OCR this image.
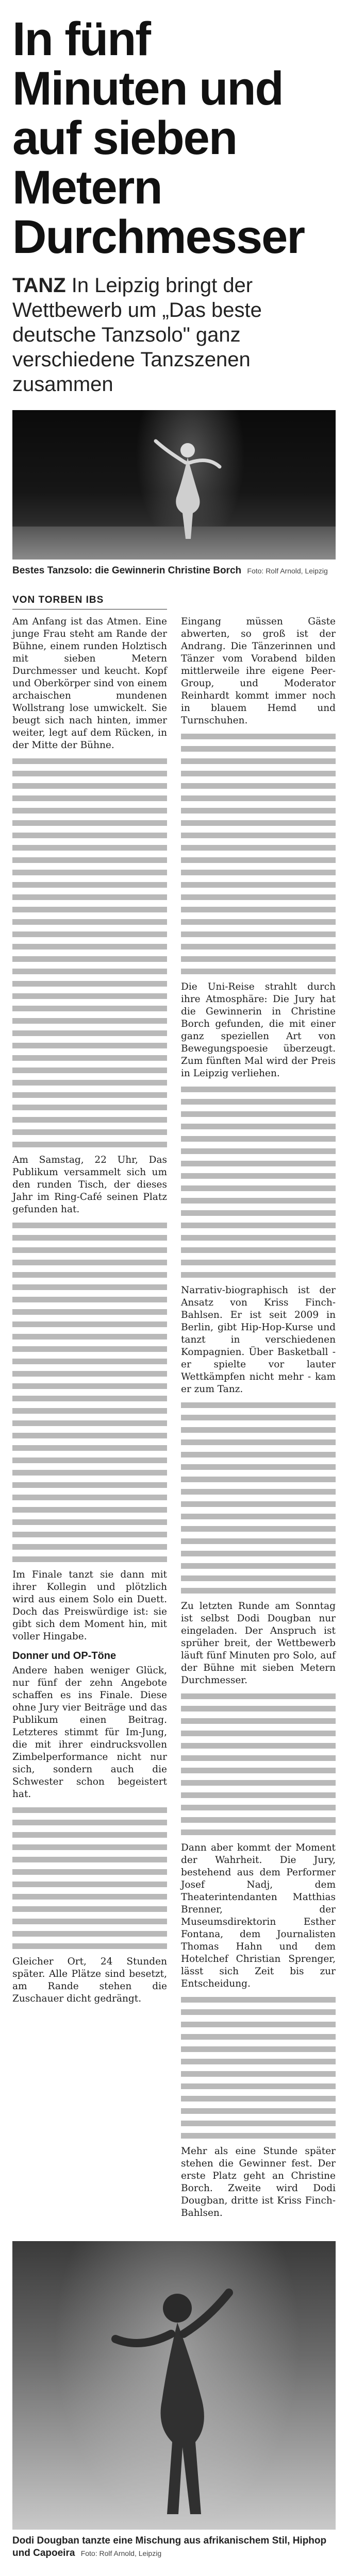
In fünf Minuten und auf sieben Metern Durchmesser

TANZ In Leipzig bringt der Wettbewerb um „Das beste deutsche Tanzsolo" ganz verschiedene Tanzszenen zusammen

Bestes Tanzsolo: die Gewinnerin Christine Borch Foto: Rolf Arnold, Leipzig

VON TORBEN IBS

Am Anfang ist das Atmen. Eine junge Frau steht am Rande der Bühne, einem runden Holztisch mit sieben Metern Durchmesser und keucht. Kopf und Oberkörper sind von einem archaischen mundenen Wollstrang lose umwickelt. Sie beugt sich nach hinten, immer weiter, legt auf dem Rücken, in der Mitte der Bühne.

Am Samstag, 22 Uhr, Das Publikum versammelt sich um den runden Tisch, der dieses Jahr im Ring-Café seinen Platz gefunden hat.

Im Finale tanzt sie dann mit ihrer Kollegin und plötzlich wird aus einem Solo ein Duett. Doch das Preiswürdige ist: sie gibt sich dem Moment hin, mit voller Hingabe.

Donner und OP-Töne

Andere haben weniger Glück, nur fünf der zehn Angebote schaffen es ins Finale. Diese ohne Jury vier Beiträge und das Publikum einen Beitrag. Letzteres stimmt für Im-Jung, die mit ihrer eindrucksvollen Zimbelperformance nicht nur sich, sondern auch die Schwester schon begeistert hat.

Gleicher Ort, 24 Stunden später. Alle Plätze sind besetzt, am Rande stehen die Zuschauer dicht gedrängt.

Eingang müssen Gäste abwerten, so groß ist der Andrang. Die Tänzerinnen und Tänzer vom Vorabend bilden mittlerweile ihre eigene Peer-Group, und Moderator Reinhardt kommt immer noch in blauem Hemd und Turnschuhen.

Die Uni-Reise strahlt durch ihre Atmosphäre: Die Jury hat die Gewinnerin in Christine Borch gefunden, die mit einer ganz speziellen Art von Bewegungspoesie überzeugt. Zum fünften Mal wird der Preis in Leipzig verliehen.

Narrativ-biographisch ist der Ansatz von Kriss Finch-Bahlsen. Er ist seit 2009 in Berlin, gibt Hip-Hop-Kurse und tanzt in verschiedenen Kompagnien. Über Basketball - er spielte vor lauter Wettkämpfen nicht mehr - kam er zum Tanz.

Zu letzten Runde am Sonntag ist selbst Dodi Dougban nur eingeladen. Der Anspruch ist sprüher breit, der Wettbewerb läuft fünf Minuten pro Solo, auf der Bühne mit sieben Metern Durchmesser.

Dann aber kommt der Moment der Wahrheit. Die Jury, bestehend aus dem Performer Josef Nadj, dem Theaterintendanten Matthias Brenner, der Museumsdirektorin Esther Fontana, dem Journalisten Thomas Hahn und dem Hotelchef Christian Sprenger, lässt sich Zeit bis zur Entscheidung.

Mehr als eine Stunde später stehen die Gewinner fest. Der erste Platz geht an Christine Borch. Zweite wird Dodi Dougban, dritte ist Kriss Finch-Bahlsen.

Dodi Dougban tanzte eine Mischung aus afrikanischem Stil, Hiphop und Capoeira Foto: Rolf Arnold, Leipzig
